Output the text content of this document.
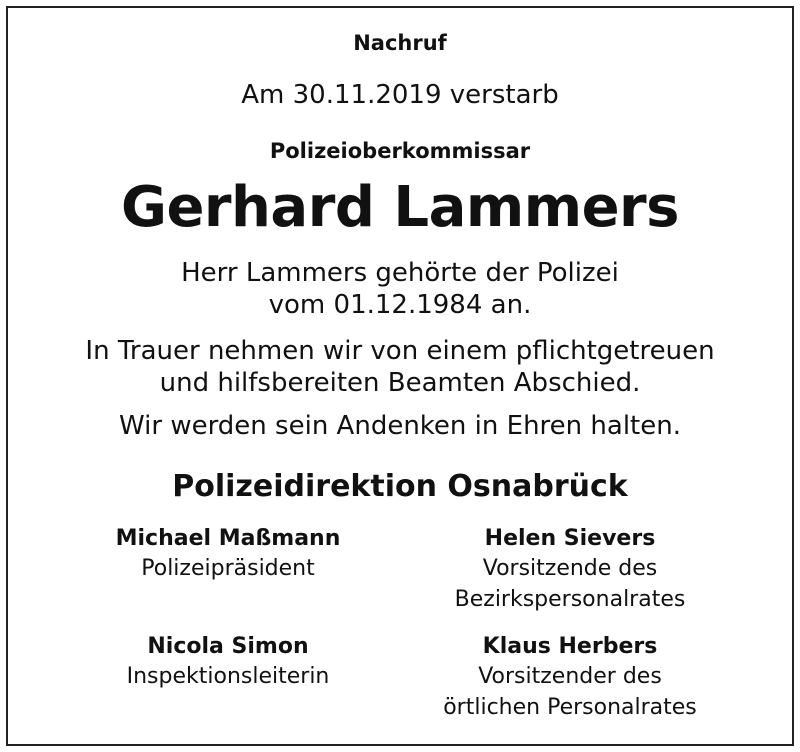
Nachruf
Am 30.11.2019 verstarb
Polizeioberkommissar
Gerhard Lammers
Herr Lammers gehörte der Polizei
vom 01.12.1984 an.
In Trauer nehmen wir von einem pflichtgetreuen
und hilfsbereiten Beamten Abschied.
Wir werden sein Andenken in Ehren halten.
Polizeidirektion Osnabrück
Michael Maßmann
Polizeipräsident
Helen Sievers
Vorsitzende des
Bezirkspersonalrates
Nicola Simon
Inspektionsleiterin
Klaus Herbers
Vorsitzender des
örtlichen Personalrates
